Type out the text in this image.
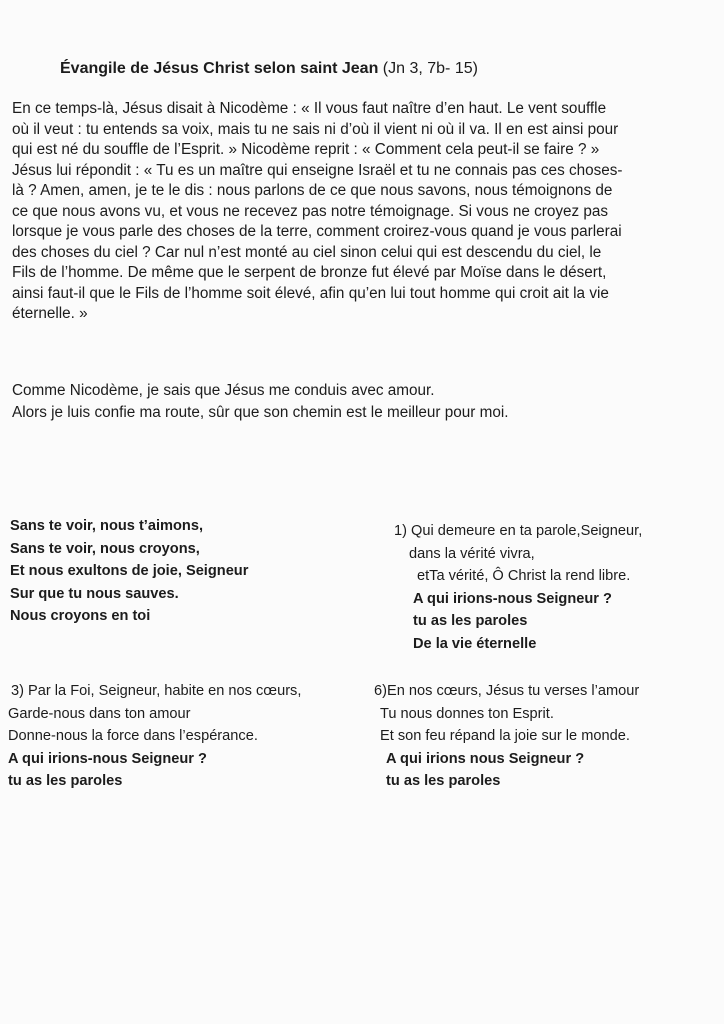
Évangile de Jésus Christ selon saint Jean (Jn 3, 7b- 15)
En ce temps-là, Jésus disait à Nicodème : « Il vous faut naître d’en haut. Le vent souffle
où il veut : tu entends sa voix, mais tu ne sais ni d’où il vient ni où il va. Il en est ainsi pour
qui est né du souffle de l’Esprit. » Nicodème reprit : « Comment cela peut-il se faire ? »
Jésus lui répondit : « Tu es un maître qui enseigne Israël et tu ne connais pas ces choses-
là ? Amen, amen, je te le dis : nous parlons de ce que nous savons, nous témoignons de
ce que nous avons vu, et vous ne recevez pas notre témoignage. Si vous ne croyez pas
lorsque je vous parle des choses de la terre, comment croirez-vous quand je vous parlerai
des choses du ciel ? Car nul n’est monté au ciel sinon celui qui est descendu du ciel, le
Fils de l’homme. De même que le serpent de bronze fut élevé par Moïse dans le désert,
ainsi faut-il que le Fils de l’homme soit élevé, afin qu’en lui tout homme qui croit ait la vie
éternelle. »
Comme Nicodème, je sais que Jésus me conduis avec amour.
Alors je luis confie ma route, sûr que son chemin est le meilleur pour moi.
Sans te voir, nous t’aimons,
Sans te voir, nous croyons,
Et nous exultons de joie, Seigneur
Sur que tu nous sauves.
Nous croyons en toi
1) Qui demeure en ta parole,Seigneur,
dans la vérité vivra,
etTa vérité, Ô Christ la rend libre.
A qui irions-nous Seigneur ?
tu as les paroles
De la vie éternelle
3) Par la Foi, Seigneur, habite en nos cœurs,
Garde-nous dans ton amour
Donne-nous la force dans l’espérance.
A qui irions-nous Seigneur ?
tu as les paroles
6)En nos cœurs, Jésus tu verses l’amour
Tu nous donnes ton Esprit.
Et son feu répand la joie sur le monde.
A qui irions nous Seigneur ?
tu as les paroles
